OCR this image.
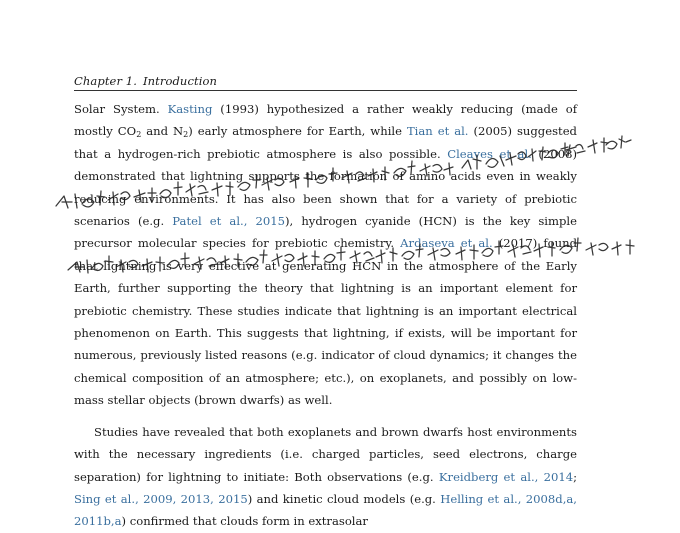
Chapter 1. Introduction

Solar System. Kasting (1993) hypothesized a rather weakly reducing (made of mostly $CO_2$ and $N_2$) early atmosphere for Earth, while Tian et al. (2005) suggested that a hydrogen-rich prebiotic atmosphere is also possible. Cleaves et al. (2008) demonstrated that lightning supports the formation of amino acids even in weakly reducing environments. It has also been shown that for a variety of prebiotic scenarios (e.g. Patel et al., 2015), hydrogen cyanide (HCN) is the key simple precursor molecular species for prebiotic chemistry. Ardaseva et al. (2017) found that lightning is very effective at generating HCN in the atmosphere of the Early Earth, further supporting the theory that lightning is an important element for prebiotic chemistry. These studies indicate that lightning is an important electrical phenomenon on Earth. This suggests that lightning, if exists, will be important for numerous, previously listed reasons (e.g. indicator of cloud dynamics; it changes the chemical composition of an atmosphere; etc.), on exoplanets, and possibly on low-mass stellar objects (brown dwarfs) as well.

Studies have revealed that both exoplanets and brown dwarfs host environments with the necessary ingredients (i.e. charged particles, seed electrons, charge separation) for lightning to initiate: Both observations (e.g. Kreidberg et al., 2014; Sing et al., 2009, 2013, 2015) and kinetic cloud models (e.g. Helling et al., 2008d,a, 2011b,a) confirmed that clouds form in extrasolar
